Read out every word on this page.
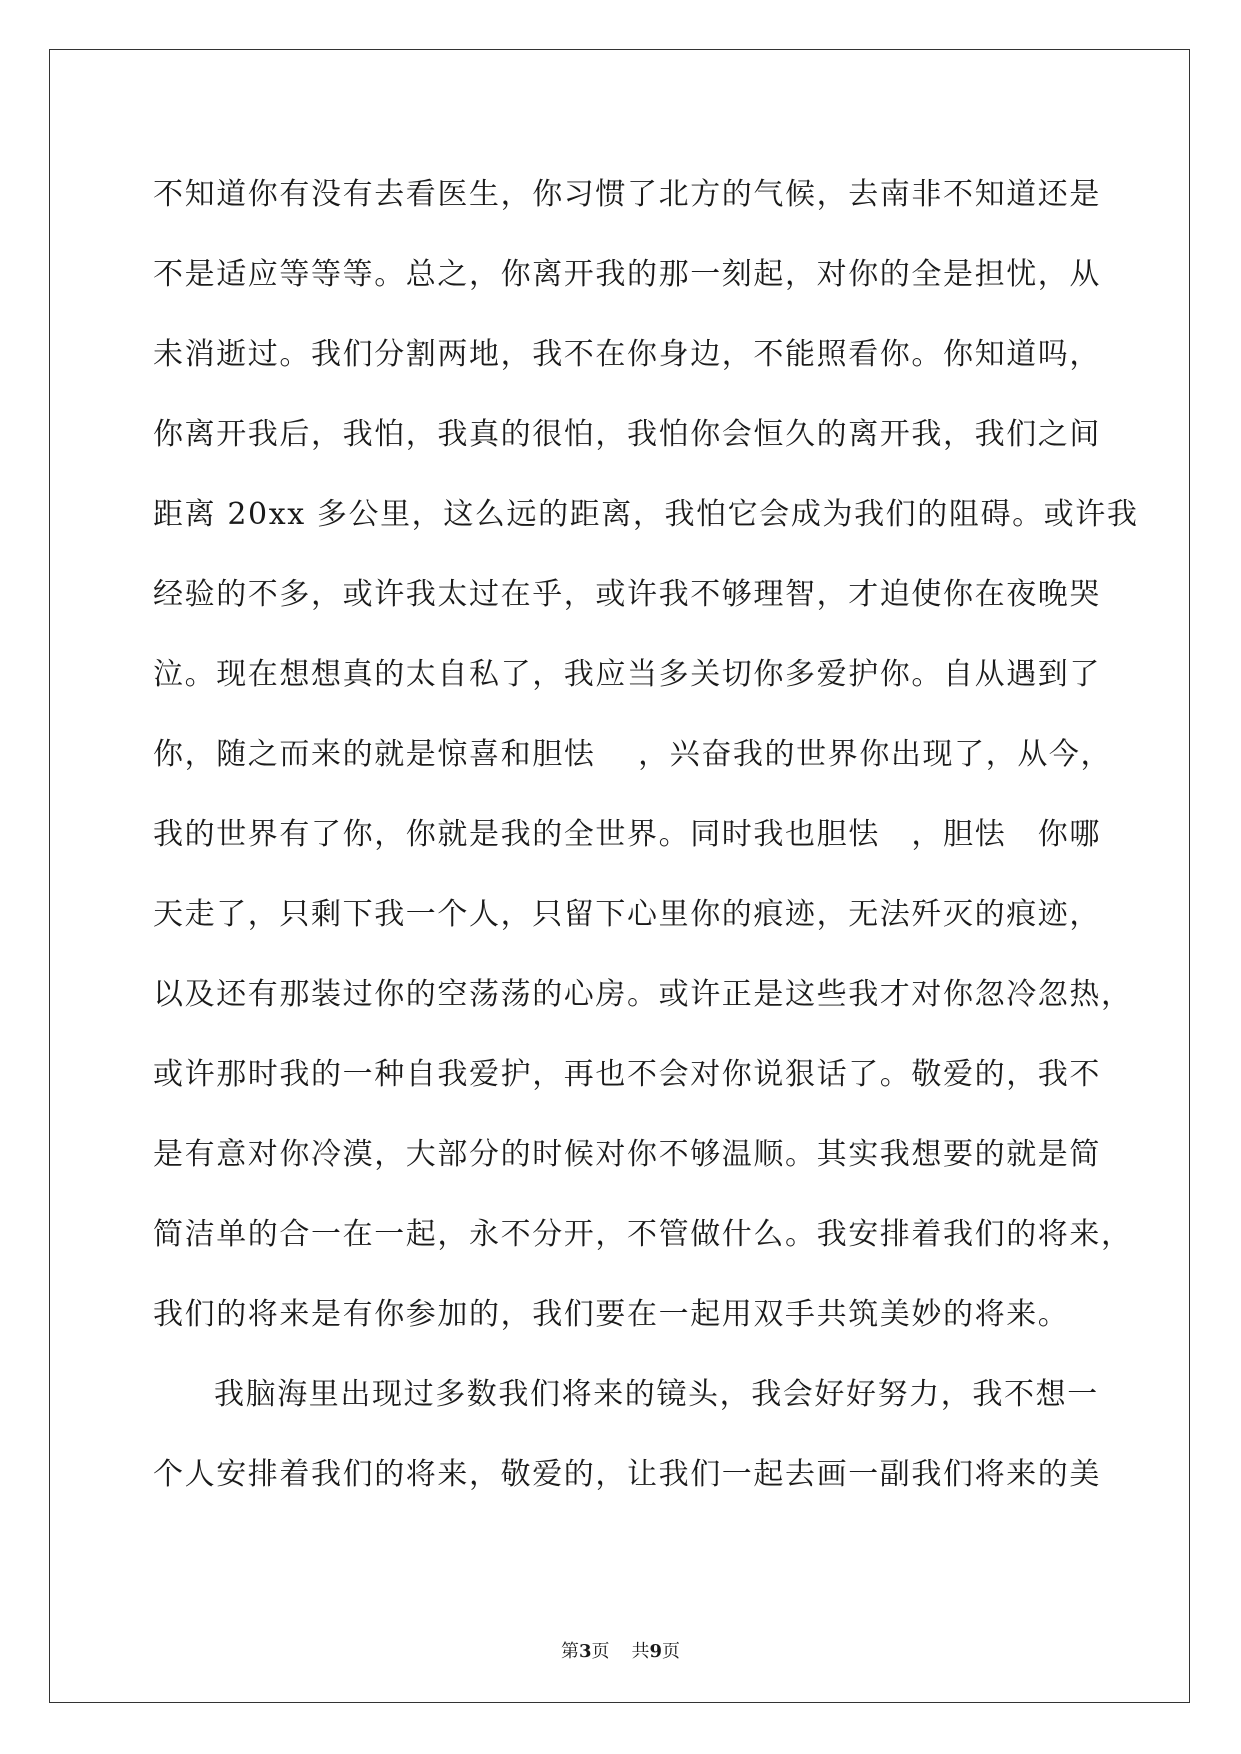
不知道你有没有去看医生，你习惯了北方的气候，去南非不知道还是
不是适应等等等。总之，你离开我的那一刻起，对你的全是担忧，从
未消逝过。我们分割两地，我不在你身边，不能照看你。你知道吗，
你离开我后，我怕，我真的很怕，我怕你会恒久的离开我，我们之间
距离 20xx 多公里，这么远的距离，我怕它会成为我们的阻碍。或许我
经验的不多，或许我太过在乎，或许我不够理智，才迫使你在夜晚哭
泣。现在想想真的太自私了，我应当多关切你多爱护你。自从遇到了
你，随之而来的就是惊喜和胆怯　 ，兴奋我的世界你出现了，从今，
我的世界有了你，你就是我的全世界。同时我也胆怯　，胆怯　你哪
天走了，只剩下我一个人，只留下心里你的痕迹，无法歼灭的痕迹，
以及还有那装过你的空荡荡的心房。或许正是这些我才对你忽冷忽热，
或许那时我的一种自我爱护，再也不会对你说狠话了。敬爱的，我不
是有意对你冷漠，大部分的时候对你不够温顺。其实我想要的就是简
简洁单的合一在一起，永不分开，不管做什么。我安排着我们的将来，
我们的将来是有你参加的，我们要在一起用双手共筑美妙的将来。
我脑海里出现过多数我们将来的镜头，我会好好努力，我不想一
个人安排着我们的将来，敬爱的，让我们一起去画一副我们将来的美
第3页 共9页
